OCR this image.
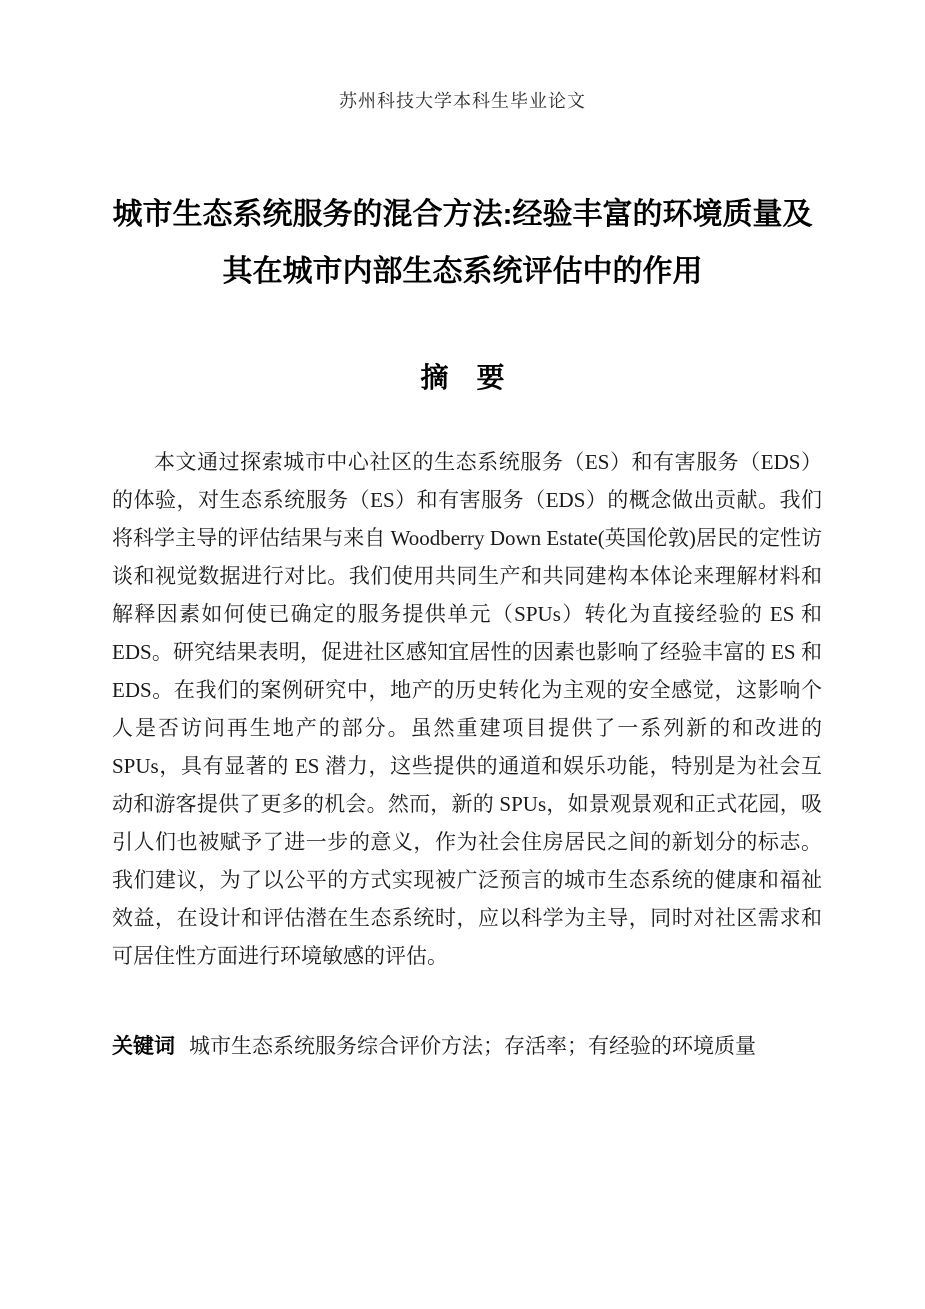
苏州科技大学本科生毕业论文
城市生态系统服务的混合方法:经验丰富的环境质量及
其在城市内部生态系统评估中的作用
摘　要

本文通过探索城市中心社区的生态系统服务（ES）和有害服务（EDS）的体验，对生态系统服务（ES）和有害服务（EDS）的概念做出贡献。我们将科学主导的评估结果与来自 Woodberry Down Estate(英国伦敦)居民的定性访谈和视觉数据进行对比。我们使用共同生产和共同建构本体论来理解材料和解释因素如何使已确定的服务提供单元（SPUs）转化为直接经验的 ES 和 EDS。研究结果表明，促进社区感知宜居性的因素也影响了经验丰富的 ES 和 EDS。在我们的案例研究中，地产的历史转化为主观的安全感觉，这影响个人是否访问再生地产的部分。虽然重建项目提供了一系列新的和改进的 SPUs，具有显著的 ES 潜力，这些提供的通道和娱乐功能，特别是为社会互动和游客提供了更多的机会。然而，新的 SPUs，如景观景观和正式花园，吸引人们也被赋予了进一步的意义，作为社会住房居民之间的新划分的标志。我们建议，为了以公平的方式实现被广泛预言的城市生态系统的健康和福祉效益，在设计和评估潜在生态系统时，应以科学为主导，同时对社区需求和可居住性方面进行环境敏感的评估。

关键词 城市生态系统服务综合评价方法；存活率；有经验的环境质量
